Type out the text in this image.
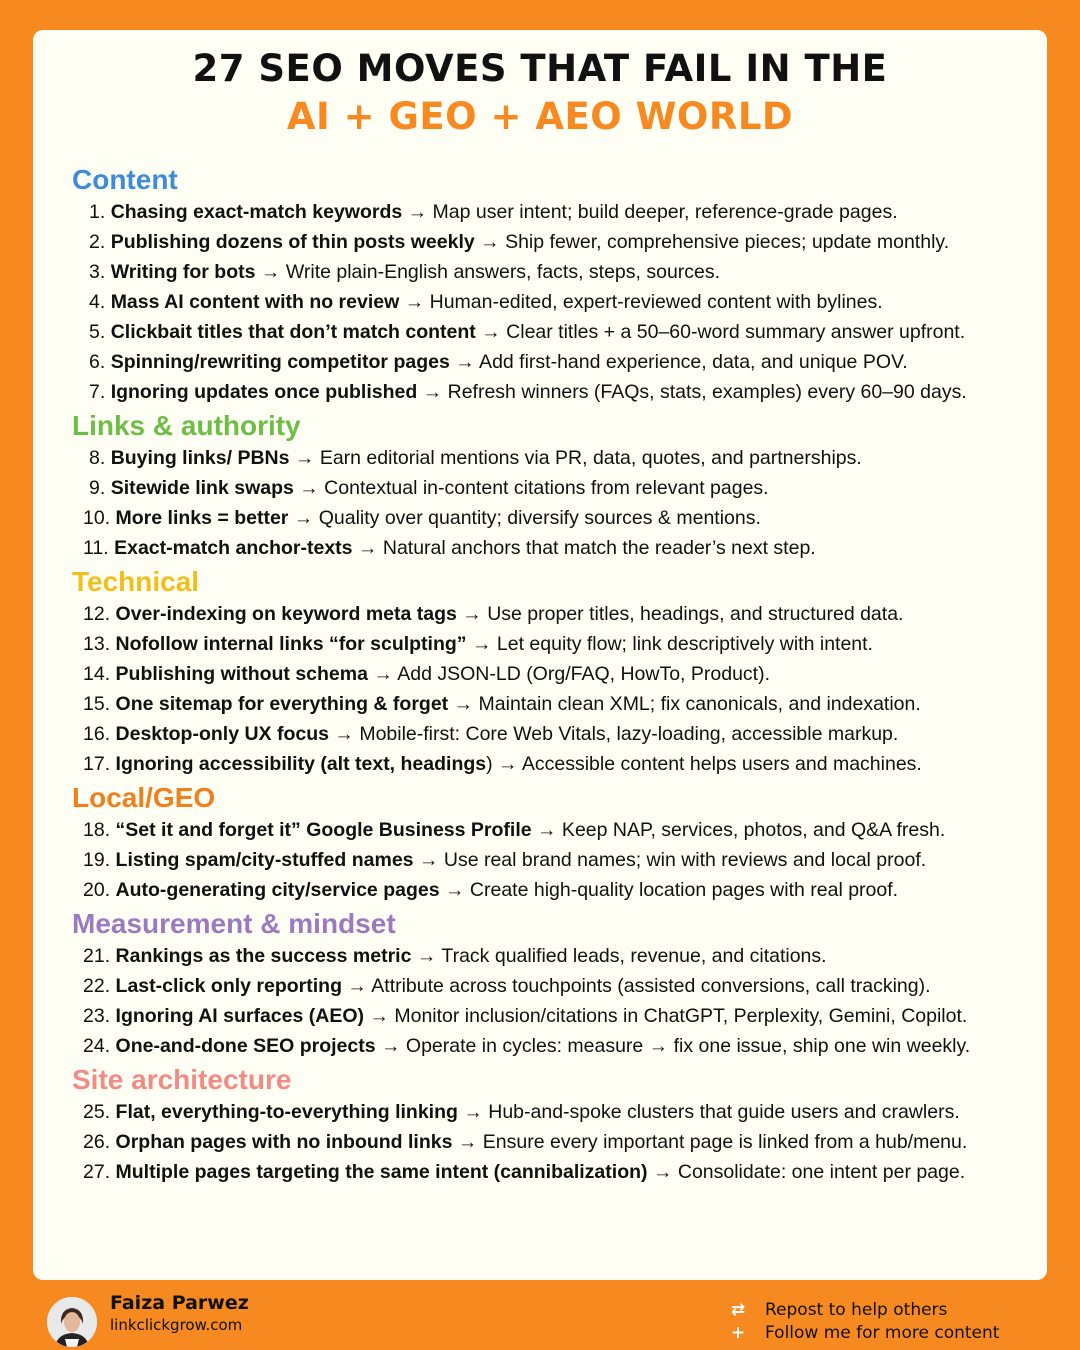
27 SEO MOVES THAT FAIL IN THE
AI + GEO + AEO WORLD
Content
1. Chasing exact-match keywords → Map user intent; build deeper, reference-grade pages.
2. Publishing dozens of thin posts weekly → Ship fewer, comprehensive pieces; update monthly.
3. Writing for bots → Write plain-English answers, facts, steps, sources.
4. Mass AI content with no review → Human-edited, expert-reviewed content with bylines.
5. Clickbait titles that don’t match content → Clear titles + a 50–60-word summary answer upfront.
6. Spinning/rewriting competitor pages → Add first-hand experience, data, and unique POV.
7. Ignoring updates once published → Refresh winners (FAQs, stats, examples) every 60–90 days.
Links & authority
8. Buying links/ PBNs → Earn editorial mentions via PR, data, quotes, and partnerships.
9. Sitewide link swaps → Contextual in-content citations from relevant pages.
10. More links = better → Quality over quantity; diversify sources & mentions.
11. Exact-match anchor-texts → Natural anchors that match the reader’s next step.
Technical
12. Over-indexing on keyword meta tags → Use proper titles, headings, and structured data.
13. Nofollow internal links “for sculpting” → Let equity flow; link descriptively with intent.
14. Publishing without schema → Add JSON-LD (Org/FAQ, HowTo, Product).
15. One sitemap for everything & forget → Maintain clean XML; fix canonicals, and indexation.
16. Desktop-only UX focus → Mobile-first: Core Web Vitals, lazy-loading, accessible markup.
17. Ignoring accessibility (alt text, headings) → Accessible content helps users and machines.
Local/GEO
18. “Set it and forget it” Google Business Profile → Keep NAP, services, photos, and Q&A fresh.
19. Listing spam/city-stuffed names → Use real brand names; win with reviews and local proof.
20. Auto-generating city/service pages → Create high-quality location pages with real proof.
Measurement & mindset
21. Rankings as the success metric → Track qualified leads, revenue, and citations.
22. Last-click only reporting → Attribute across touchpoints (assisted conversions, call tracking).
23. Ignoring AI surfaces (AEO) → Monitor inclusion/citations in ChatGPT, Perplexity, Gemini, Copilot.
24. One-and-done SEO projects → Operate in cycles: measure → fix one issue, ship one win weekly.
Site architecture
25. Flat, everything-to-everything linking → Hub-and-spoke clusters that guide users and crawlers.
26. Orphan pages with no inbound links → Ensure every important page is linked from a hub/menu.
27. Multiple pages targeting the same intent (cannibalization) → Consolidate: one intent per page.
Faiza Parwez
linkclickgrow.com
⇄ Repost to help others
+ Follow me for more content
